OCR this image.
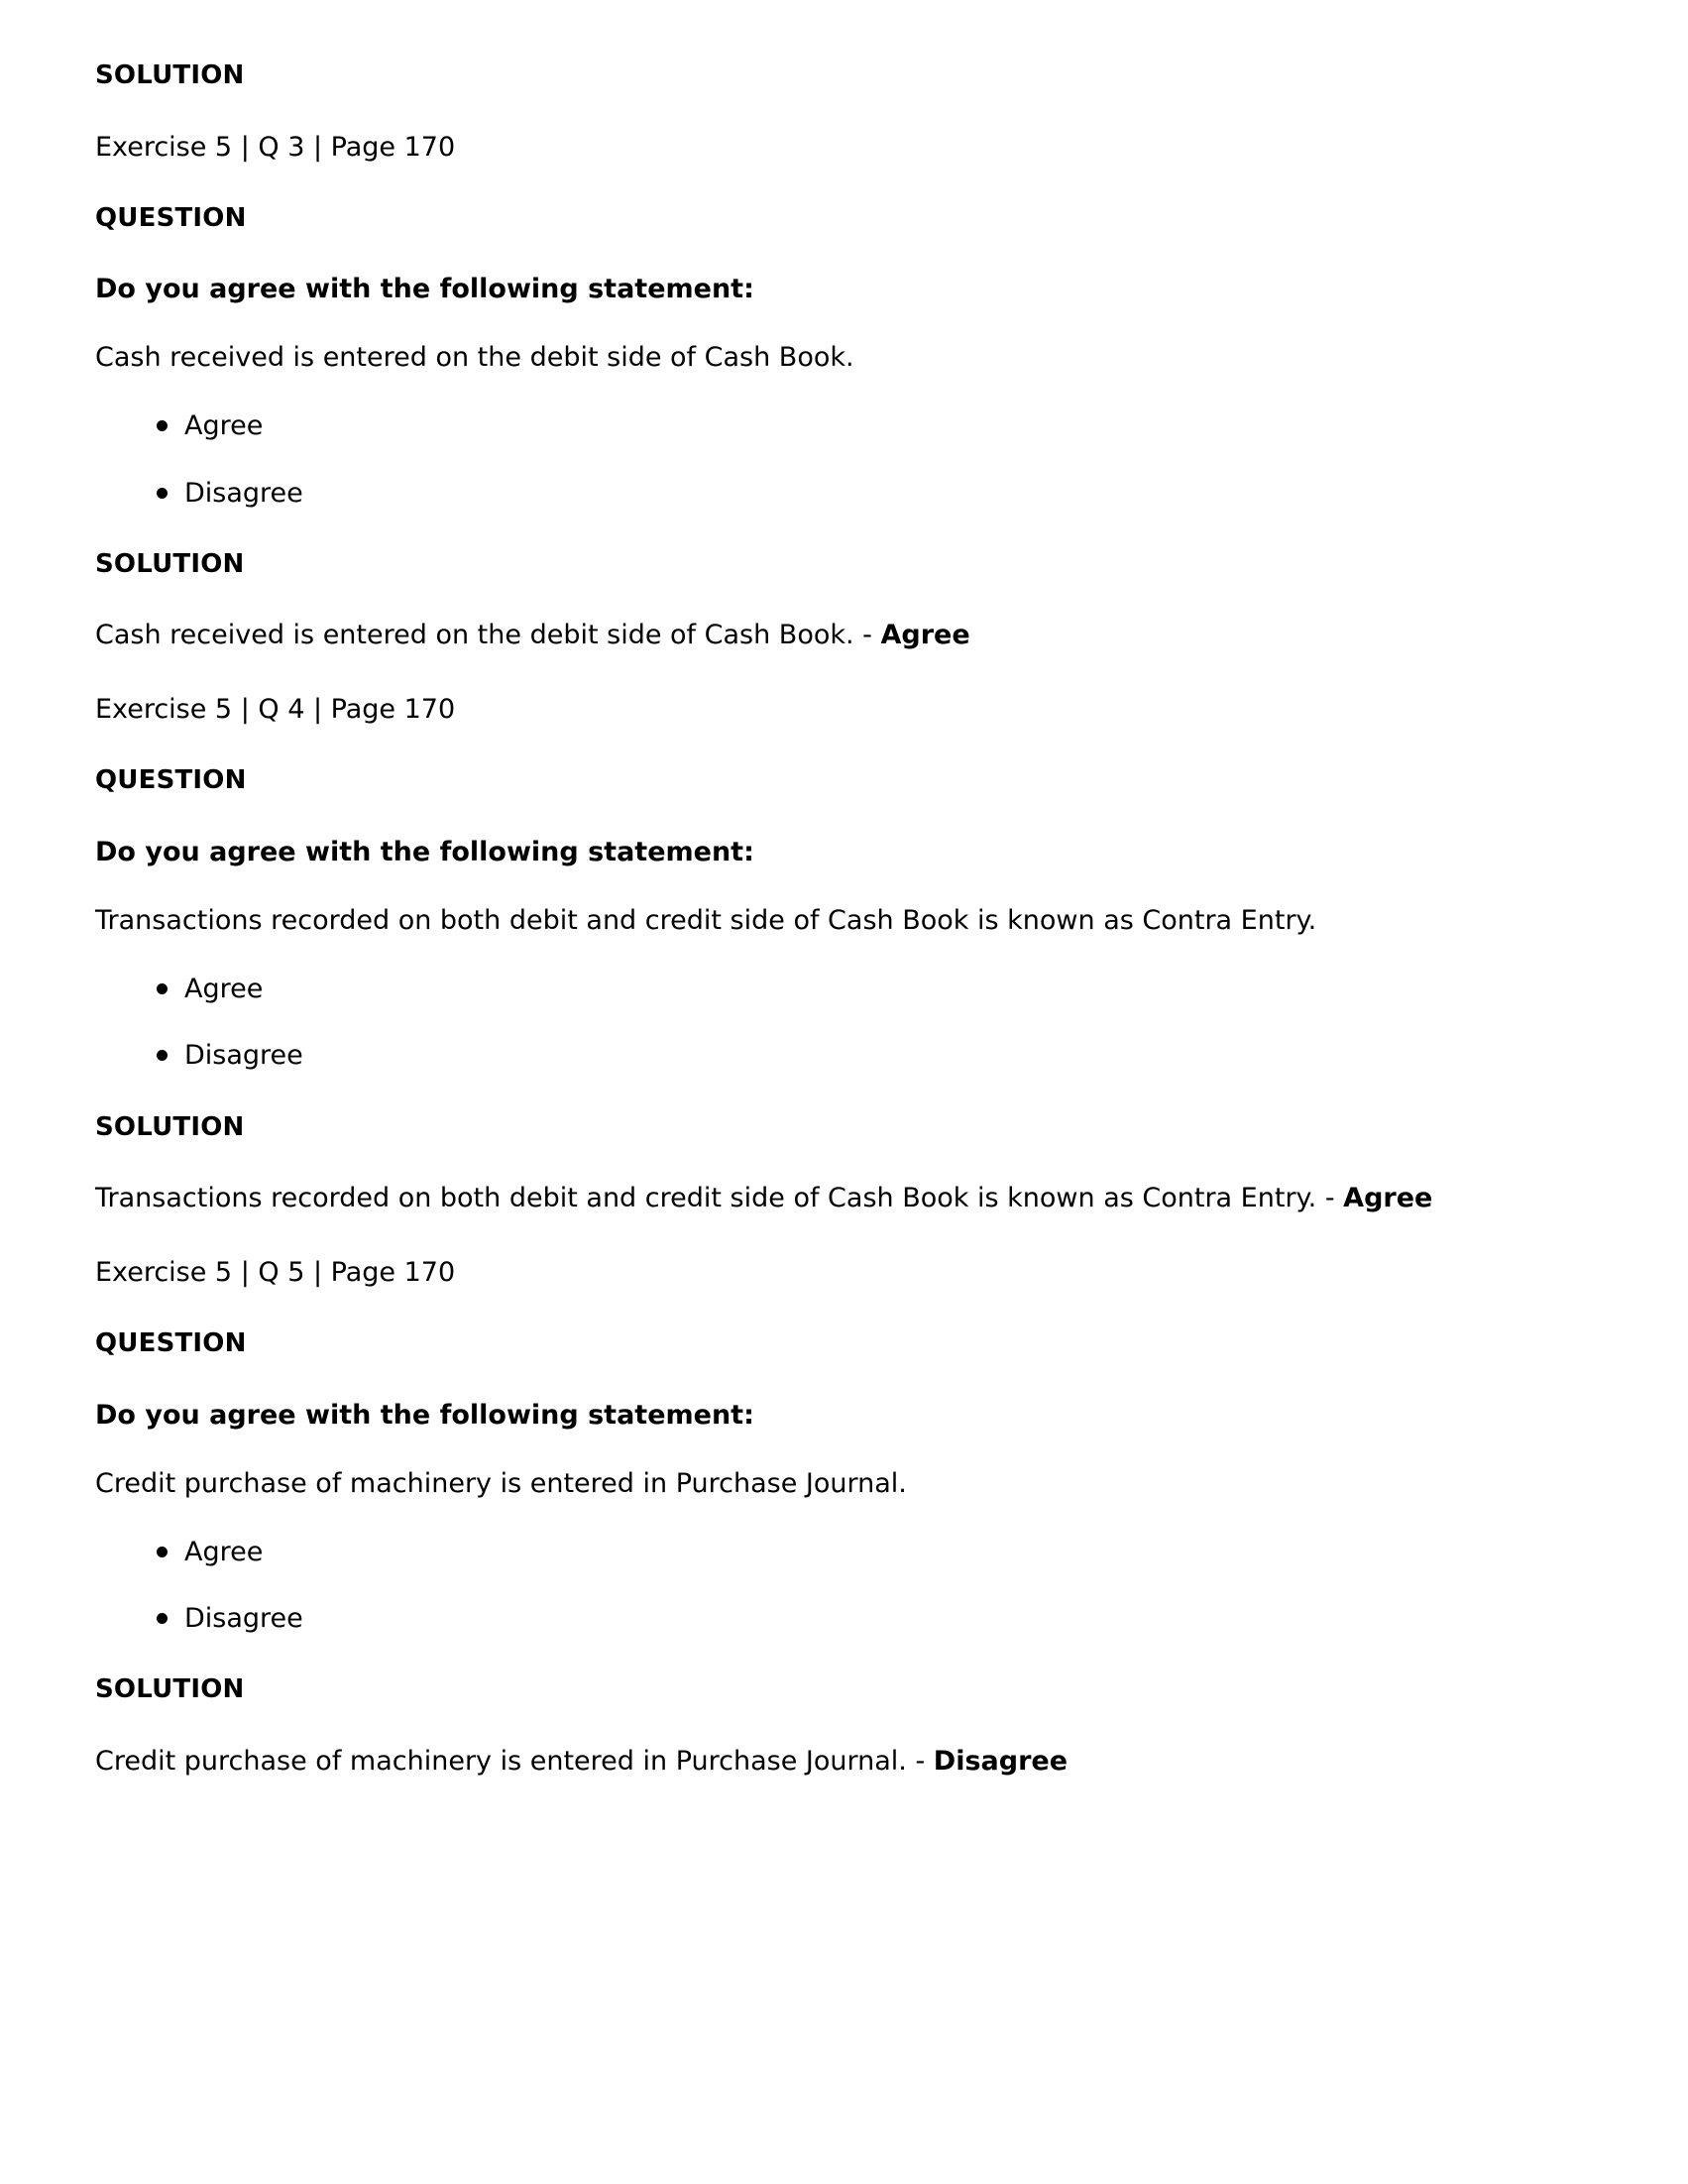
SOLUTION

Exercise 5 | Q 3 | Page 170

QUESTION

Do you agree with the following statement:

Cash received is entered on the debit side of Cash Book.

Agree
Disagree
SOLUTION

Cash received is entered on the debit side of Cash Book. - Agree

Exercise 5 | Q 4 | Page 170

QUESTION

Do you agree with the following statement:

Transactions recorded on both debit and credit side of Cash Book is known as Contra Entry.

Agree
Disagree
SOLUTION

Transactions recorded on both debit and credit side of Cash Book is known as Contra Entry. - Agree

Exercise 5 | Q 5 | Page 170

QUESTION

Do you agree with the following statement:

Credit purchase of machinery is entered in Purchase Journal.

Agree
Disagree
SOLUTION

Credit purchase of machinery is entered in Purchase Journal. - Disagree
